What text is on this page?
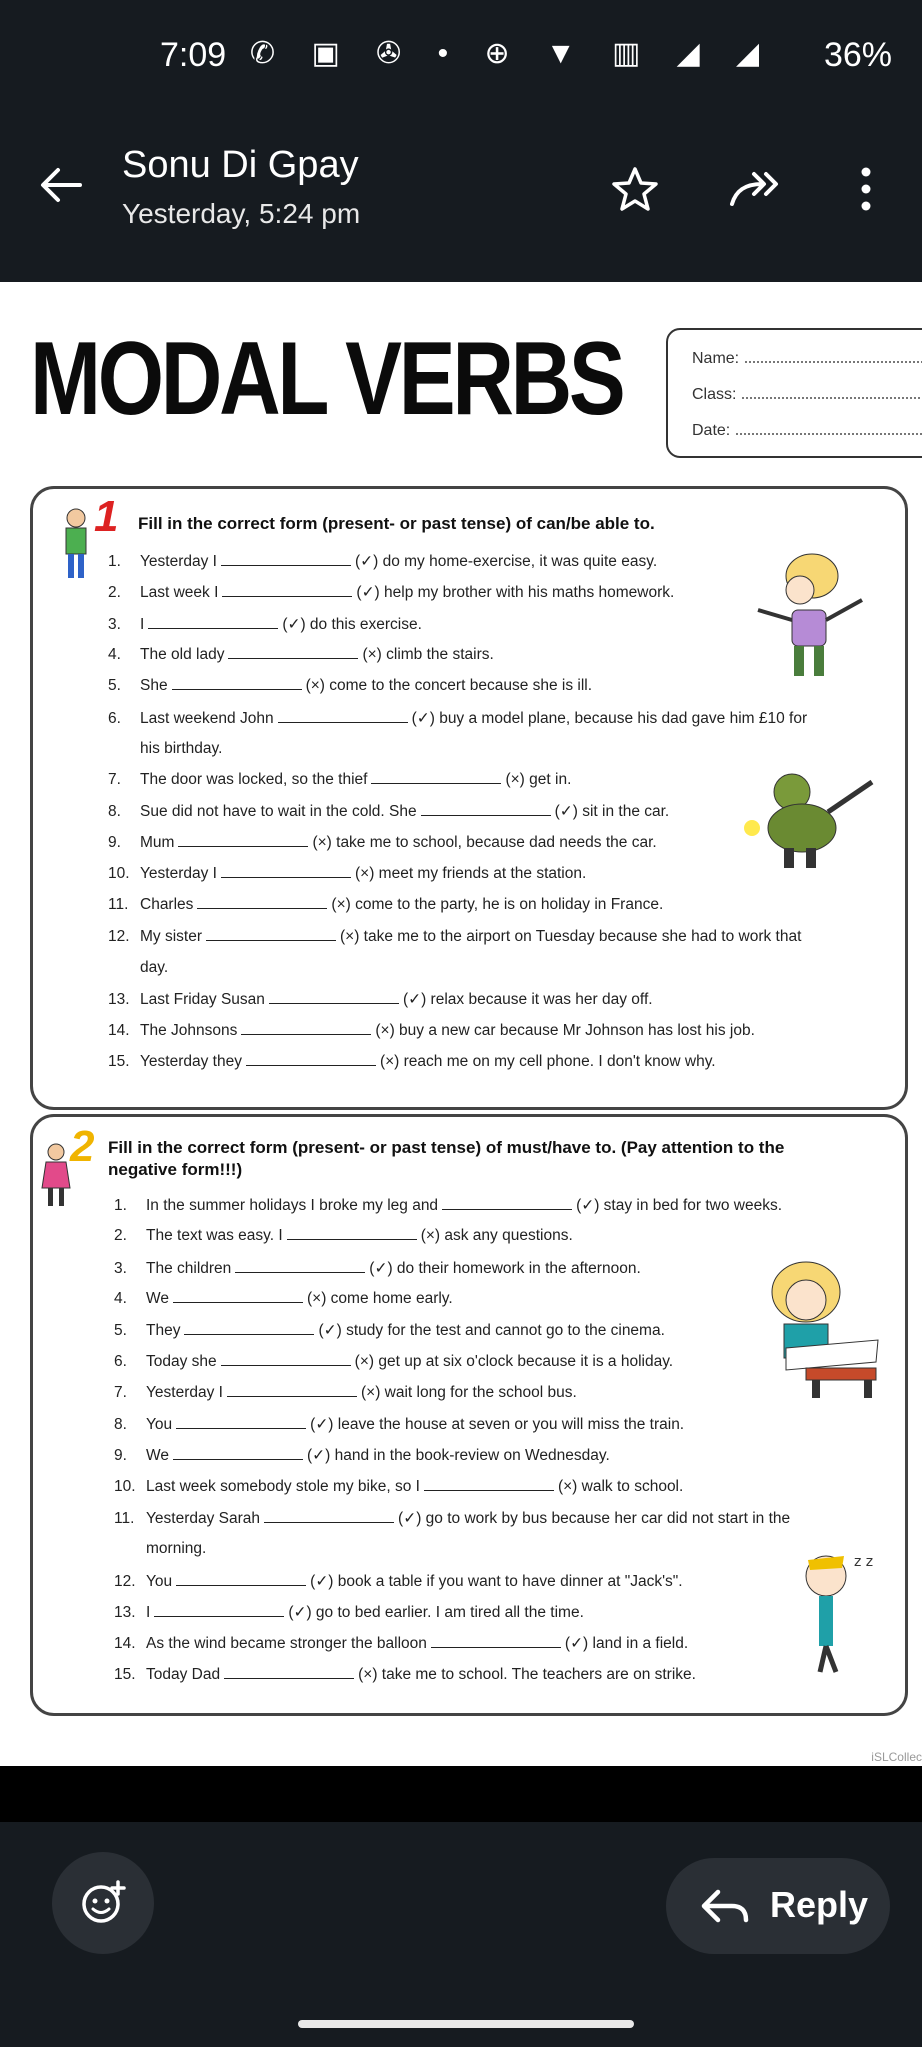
7:09 ✆ ▣ ✇ • ⊕ ▼ ▥ ◢ ◢ 36%
Sonu Di Gpay
Yesterday, 5:24 pm
MODAL VERBS	Name:
Class:
Date:
1 Fill in the correct form (present- or past tense) of can/be able to.
1. Yesterday I	(✓) do my home-exercise, it was quite easy.
2. Last week I	(✓) help my brother with his maths homework.
3. I	(✓) do this exercise.
4. The old lady	(×) climb the stairs.
5. She	(×) come to the concert because she is ill.
6. Last weekend John	(✓) buy a model plane, because his dad gave him £10 for
his birthday.
7. The door was locked, so the thief	(×) get in.
8. Sue did not have to wait in the cold. She	(✓) sit in the car.
9. Mum	(×) take me to school, because dad needs the car.
10. Yesterday I	(×) meet my friends at the station.
11. Charles	(×) come to the party, he is on holiday in France.
12. My sister	(×) take me to the airport on Tuesday because she had to work that
day.
13. Last Friday Susan	(✓) relax because it was her day off.
14. The Johnsons	(×) buy a new car because Mr Johnson has lost his job.
15. Yesterday they	(×) reach me on my cell phone. I don't know why.
2 Fill in the correct form (present- or past tense) of must/have to. (Pay attention to the
negative form!!!)
1. In the summer holidays I broke my leg and	(✓) stay in bed for two weeks.
2. The text was easy. I	(×) ask any questions.
3. The children	(✓) do their homework in the afternoon.
4. We	(×) come home early.
5. They	(✓) study for the test and cannot go to the cinema.
6. Today she	(×) get up at six o'clock because it is a holiday.
7. Yesterday I	(×) wait long for the school bus.
8. You	(✓) leave the house at seven or you will miss the train.
9. We	(✓) hand in the book-review on Wednesday.
10. Last week somebody stole my bike, so I	(×) walk to school.
11. Yesterday Sarah	(✓) go to work by bus because her car did not start in the
morning.
12. You	(✓) book a table if you want to have dinner at "Jack's".
13. I	(✓) go to bed earlier. I am tired all the time.
14. As the wind became stronger the balloon	(✓) land in a field.
15. Today Dad	(×) take me to school. The teachers are on strike.
z z
iSLCollec
Reply
